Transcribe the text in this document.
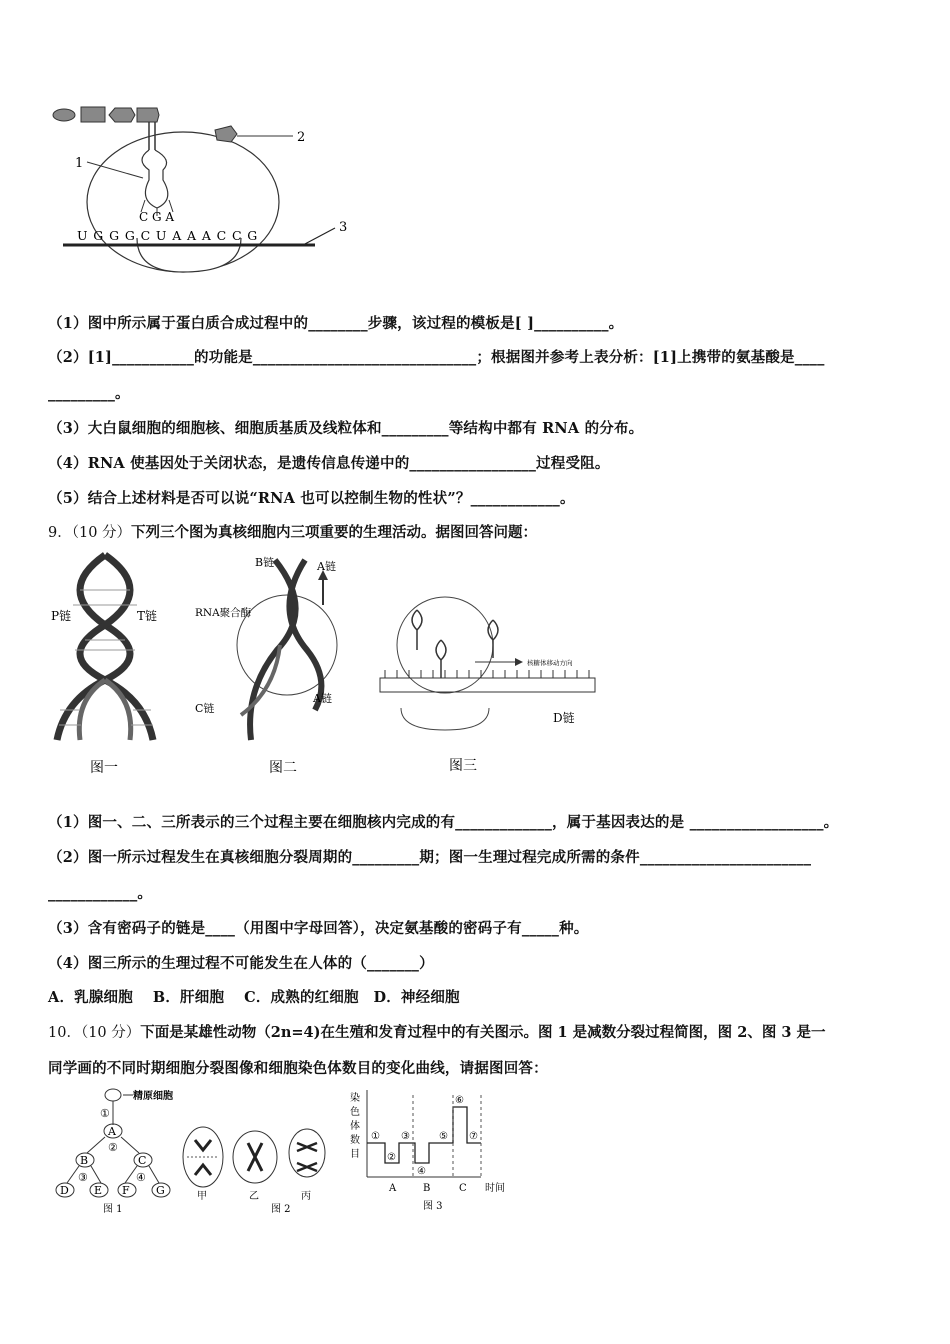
C G A
2
1
3
U G G G C U A A A C C G
（1）图中所示属于蛋白质合成过程中的________步骤，该过程的模板是[ ]__________。
（2）[1]___________的功能是______________________________；根据图并参考上表分析：[1]上携带的氨基酸是____
_________。
（3）大白鼠细胞的细胞核、细胞质基质及线粒体和_________等结构中都有 RNA 的分布。
（4）RNA 使基因处于关闭状态，是遗传信息传递中的_________________过程受阻。
（5）结合上述材料是否可以说“RNA 也可以控制生物的性状”？____________。
9．（10 分）下列三个图为真核细胞内三项重要的生理活动。据图回答问题：
P链	T链
图一
B链	A链
RNA聚合酶
C链
A链
图二
核糖体移动方向
D链
图三
（1）图一、二、三所表示的三个过程主要在细胞核内完成的有_____________，属于基因表达的是 __________________。
（2）图一所示过程发生在真核细胞分裂周期的_________期；图一生理过程完成所需的条件_______________________
____________。
（3）含有密码子的链是____（用图中字母回答），决定氨基酸的密码子有_____种。
（4）图三所示的生理过程不可能发生在人体的（_______）
A．乳腺细胞　 B．肝细胞　 C．成熟的红细胞　D．神经细胞
10．（10 分）下面是某雄性动物（2n=4)在生殖和发育过程中的有关图示。图 1 是减数分裂过程简图，图 2、图 3 是一
同学画的不同时期细胞分裂图像和细胞染色体数目的变化曲线，请据图回答：
精原细胞
①
A
②
B	C
③	④
D E F G
图 1
甲	乙	丙
图 2
染
色
体
数
目
①
②
③
④
⑤
⑥
⑦
A	B	C 时间
图 3
